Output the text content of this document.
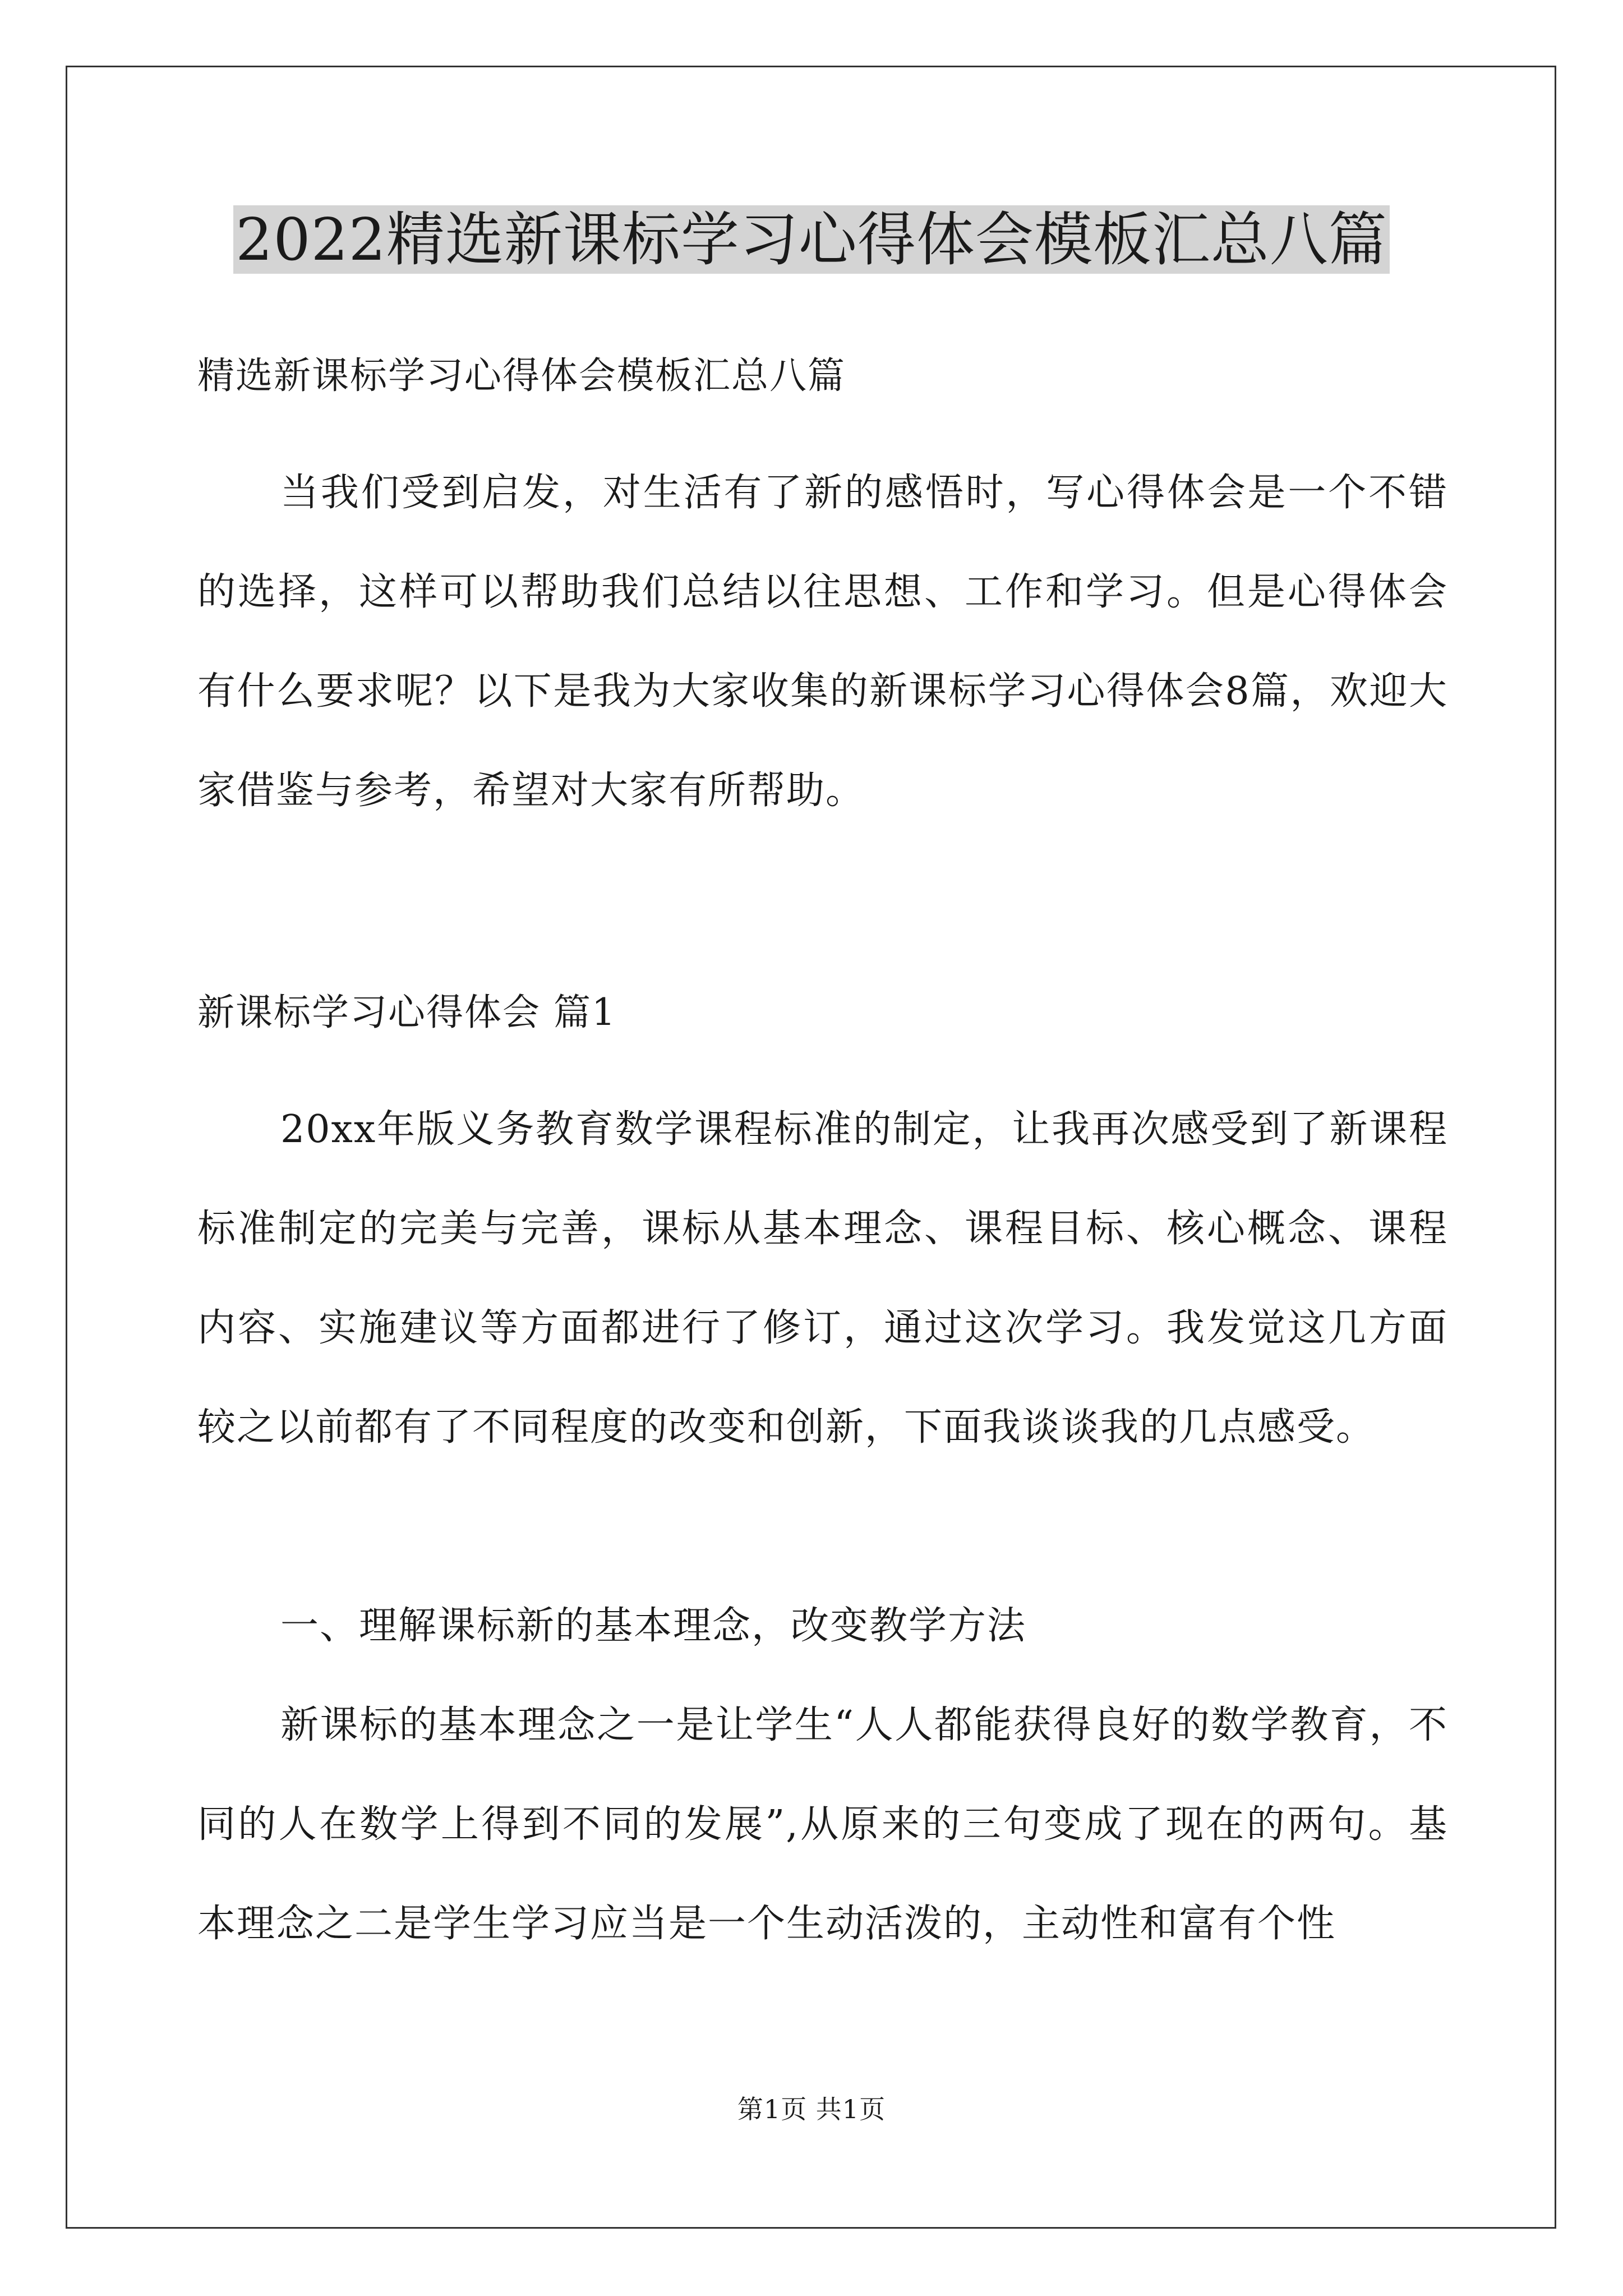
2022精选新课标学习心得体会模板汇总八篇
精选新课标学习心得体会模板汇总八篇

当我们受到启发，对生活有了新的感悟时，写心得体会是一个不错的选择，这样可以帮助我们总结以往思想、工作和学习。但是心得体会有什么要求呢？以下是我为大家收集的新课标学习心得体会8篇，欢迎大家借鉴与参考，希望对大家有所帮助。

新课标学习心得体会 篇1

20xx年版义务教育数学课程标准的制定，让我再次感受到了新课程标准制定的完美与完善，课标从基本理念、课程目标、核心概念、课程内容、实施建议等方面都进行了修订，通过这次学习。我发觉这几方面较之以前都有了不同程度的改变和创新，下面我谈谈我的几点感受。

一、理解课标新的基本理念，改变教学方法

新课标的基本理念之一是让学生“人人都能获得良好的数学教育，不同的人在数学上得到不同的发展”,从原来的三句变成了现在的两句。基本理念之二是学生学习应当是一个生动活泼的，主动性和富有个性

第1页 共1页
